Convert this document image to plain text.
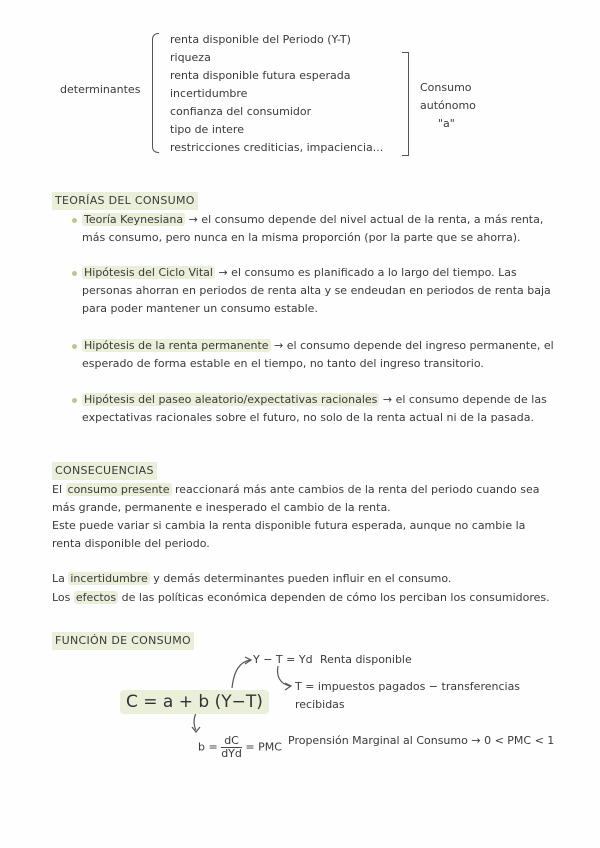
determinantes
renta disponible del Periodo (Y-T)
riqueza
renta disponible futura esperada
incertidumbre
confianza del consumidor
tipo de intere
restricciones crediticias, impaciencia...
Consumo
autónomo
"a"
TEORÍAS DEL CONSUMO
Teoría Keynesiana → el consumo depende del nivel actual de la renta, a más renta,
más consumo, pero nunca en la misma proporción (por la parte que se ahorra).
Hipótesis del Ciclo Vital → el consumo es planificado a lo largo del tiempo. Las
personas ahorran en periodos de renta alta y se endeudan en periodos de renta baja
para poder mantener un consumo estable.
Hipótesis de la renta permanente → el consumo depende del ingreso permanente, el
esperado de forma estable en el tiempo, no tanto del ingreso transitorio.
Hipótesis del paseo aleatorio/expectativas racionales → el consumo depende de las
expectativas racionales sobre el futuro, no solo de la renta actual ni de la pasada.
CONSECUENCIAS
El consumo presente reaccionará más ante cambios de la renta del periodo cuando sea
más grande, permanente e inesperado el cambio de la renta.
Este puede variar si cambia la renta disponible futura esperada, aunque no cambie la
renta disponible del periodo.
La incertidumbre y demás determinantes pueden influir en el consumo.
Los efectos de las políticas económica dependen de cómo los perciban los consumidores.
FUNCIÓN DE CONSUMO
C = a + b (Y−T)
Y − T = Yd Renta disponible
T = impuestos pagados − transferencias
recibidas
$b = \frac{dC}{\text{dYd}}$ = PMC Propensión Marginal al Consumo → 0 < PMC < 1
